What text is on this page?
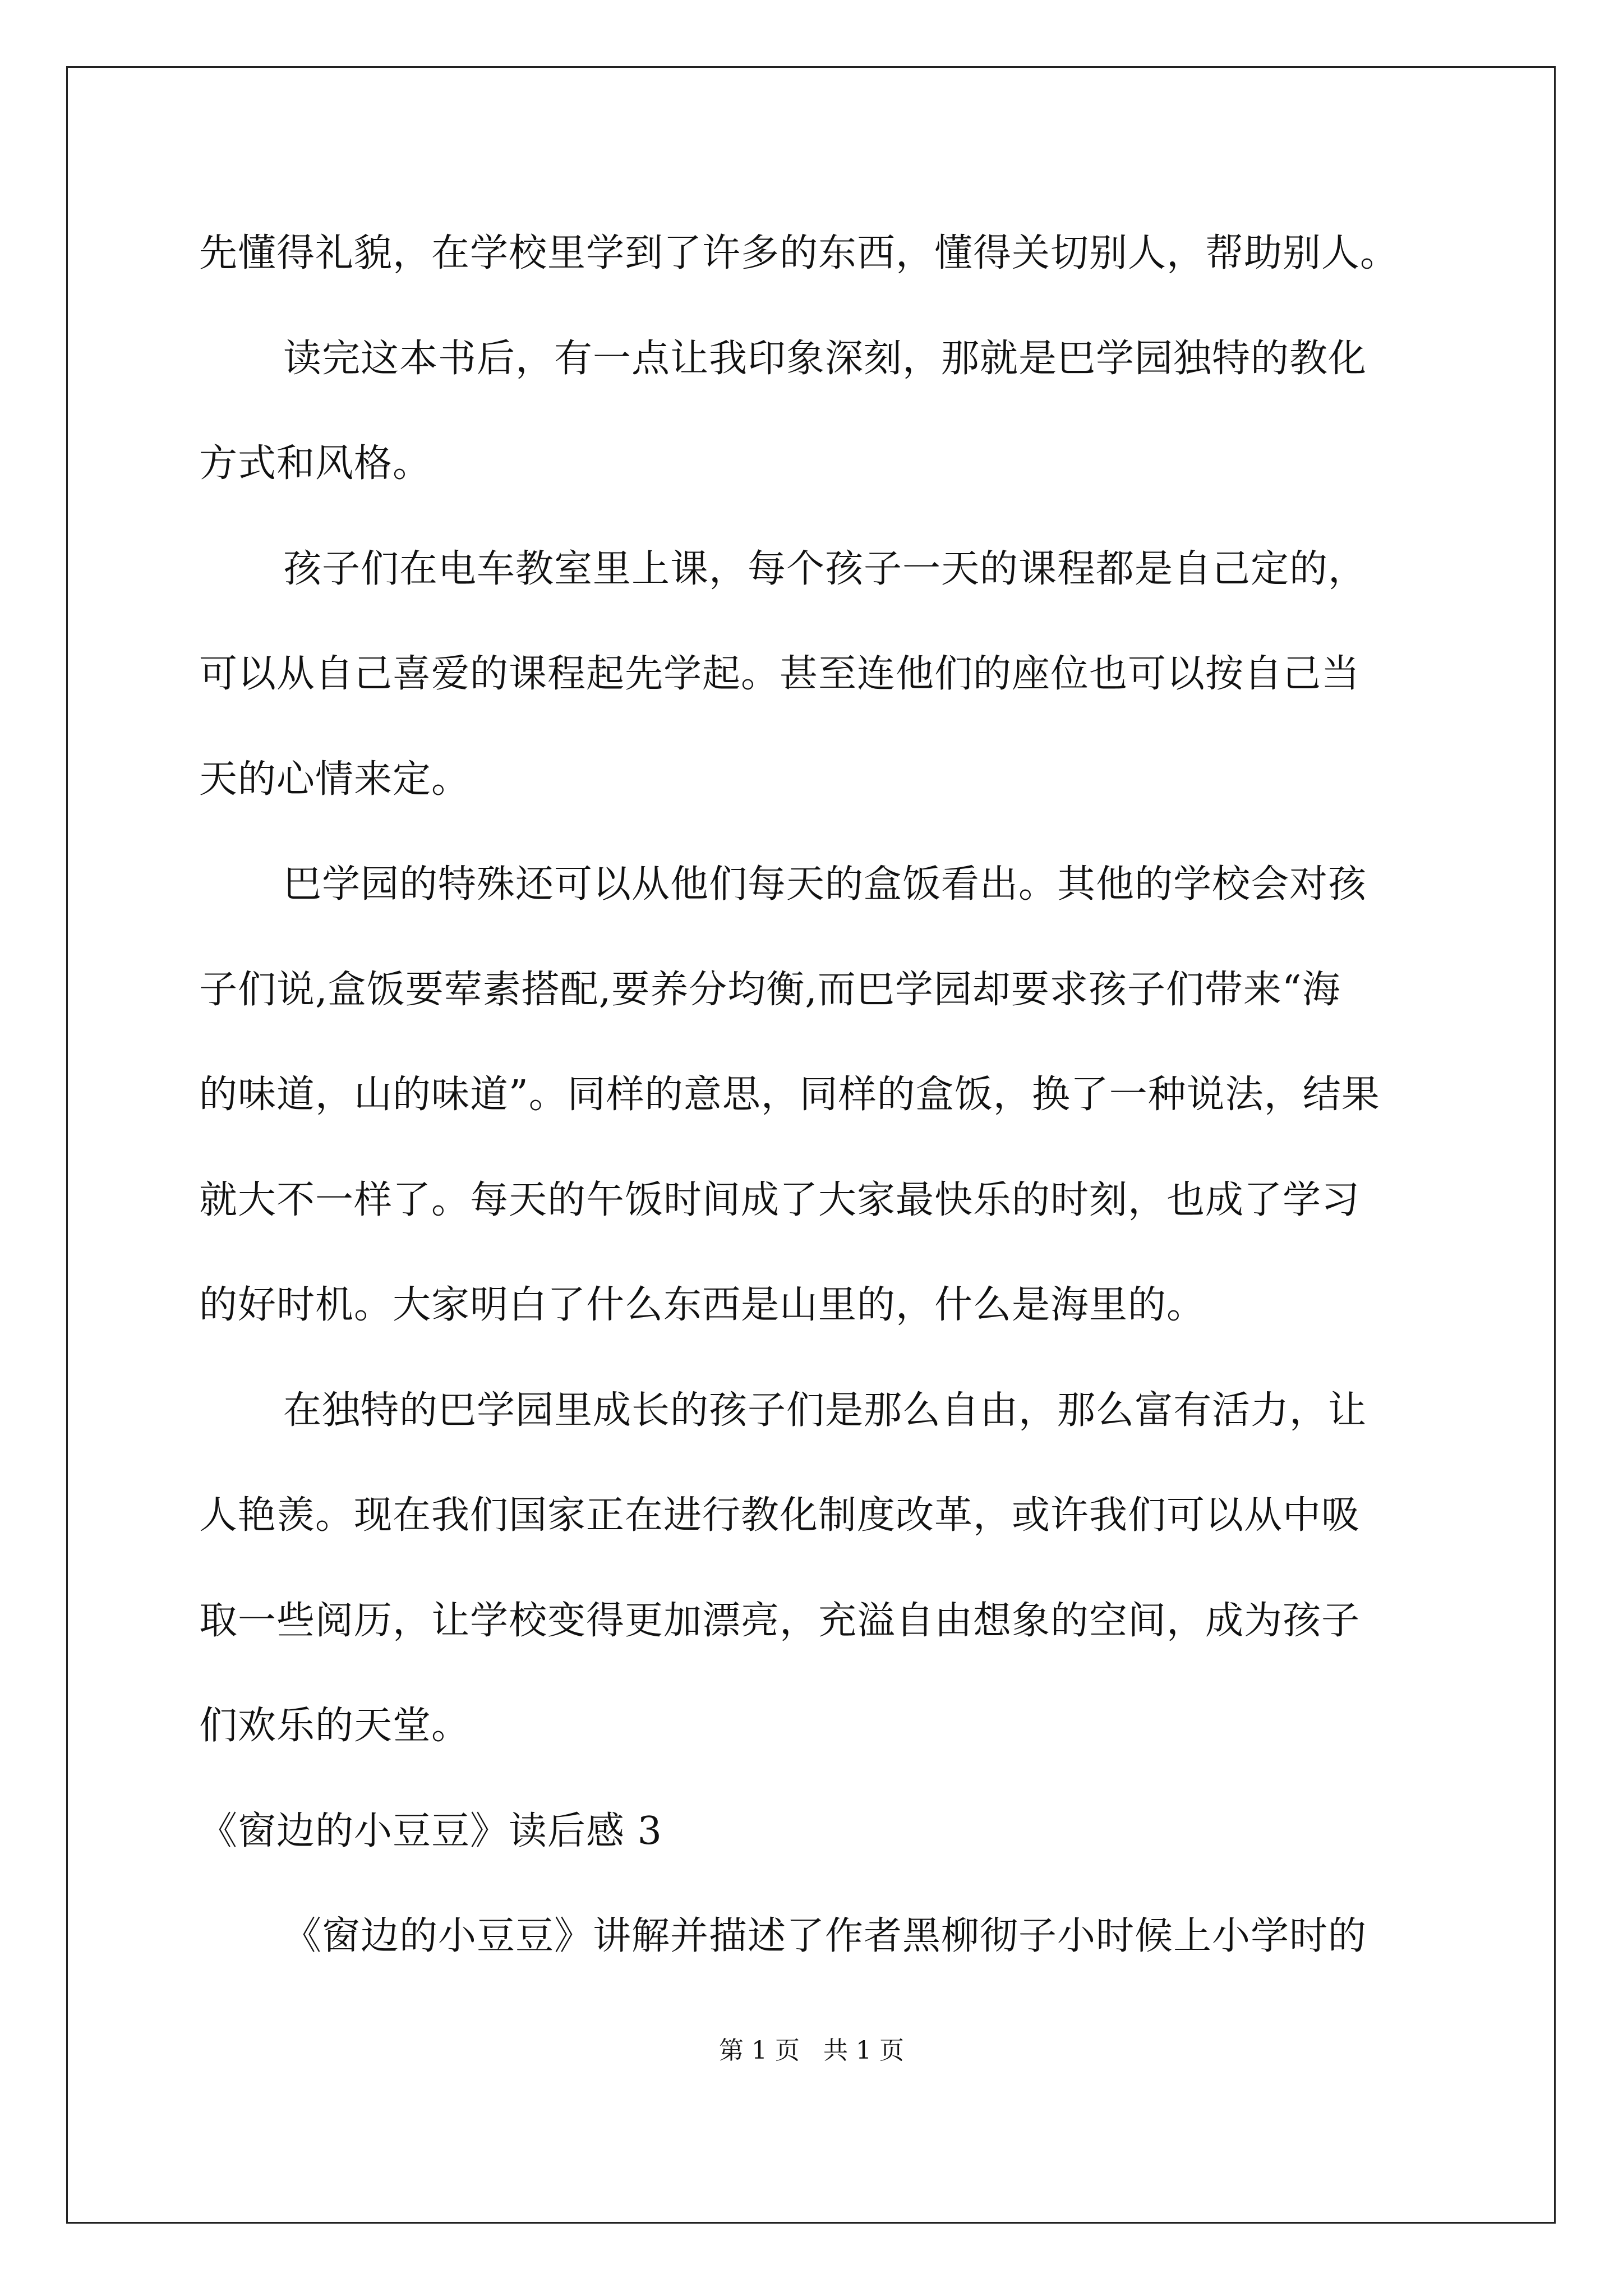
先懂得礼貌，在学校里学到了许多的东西，懂得关切别人，帮助别人。
读完这本书后，有一点让我印象深刻，那就是巴学园独特的教化
方式和风格。
孩子们在电车教室里上课，每个孩子一天的课程都是自己定的，
可以从自己喜爱的课程起先学起。甚至连他们的座位也可以按自己当
天的心情来定。
巴学园的特殊还可以从他们每天的盒饭看出。其他的学校会对孩
子们说,盒饭要荤素搭配,要养分均衡,而巴学园却要求孩子们带来“海
的味道，山的味道”。同样的意思，同样的盒饭，换了一种说法，结果
就大不一样了。每天的午饭时间成了大家最快乐的时刻，也成了学习
的好时机。大家明白了什么东西是山里的，什么是海里的。
在独特的巴学园里成长的孩子们是那么自由，那么富有活力，让
人艳羡。现在我们国家正在进行教化制度改革，或许我们可以从中吸
取一些阅历，让学校变得更加漂亮，充溢自由想象的空间，成为孩子
们欢乐的天堂。
《窗边的小豆豆》读后感 3
《窗边的小豆豆》讲解并描述了作者黑柳彻子小时候上小学时的
第 1 页   共 1 页
